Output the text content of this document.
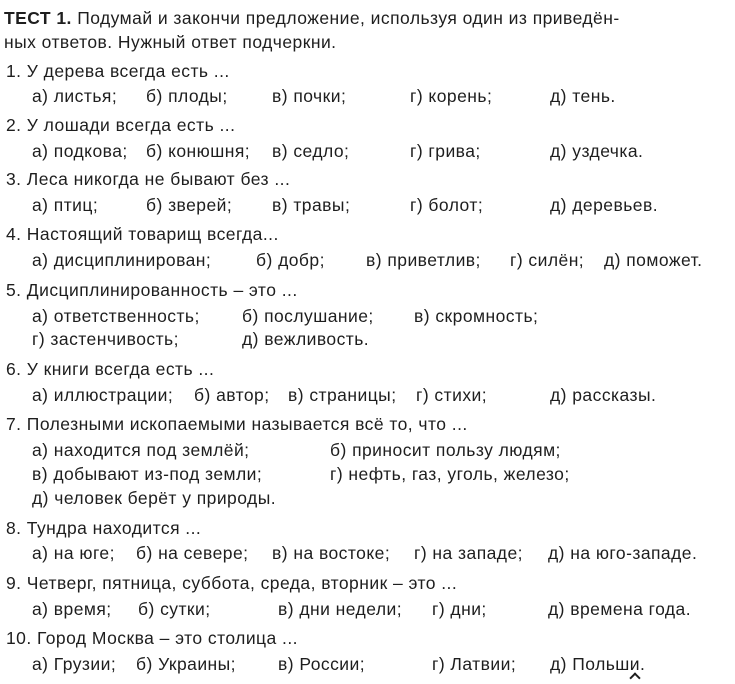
ТЕСТ 1. Подумай и закончи предложение, используя один из приведён-
ных ответов. Нужный ответ подчеркни.
1. У дерева всегда есть ...
а) листья; б) плоды;	в) почки;	г) корень;	д) тень.
2. У лошади всегда есть ...
а) подкова; б) конюшня; в) седло;	г) грива;	д) уздечка.
3. Леса никогда не бывают без ...
а) птиц;	б) зверей; в) травы;	г) болот;	д) деревьев.
4. Настоящий товарищ всегда...
а) дисциплинирован;	б) добр; в) приветлив; г) силён; д) поможет.
5. Дисциплинированность – это ...
а) ответственность; б) послушание; в) скромность;
г) застенчивость;	д) вежливость.
6. У книги всегда есть ...
а) иллюстрации; б) автор; в) страницы; г) стихи;	д) рассказы.
7. Полезными ископаемыми называется всё то, что ...
а) находится под землёй;	б) приносит пользу людям;
в) добывают из-под земли;	г) нефть, газ, уголь, железо;
д) человек берёт у природы.
8. Тундра находится ...
а) на юге; б) на севере; в) на востоке; г) на западе; д) на юго-западе.
9. Четверг, пятница, суббота, среда, вторник – это ...
а) время; б) сутки;	в) дни недели; г) дни;	д) времена года.
10. Город Москва – это столица ...
а) Грузии; б) Украины; в) России;	г) Латвии; д) Польши.
